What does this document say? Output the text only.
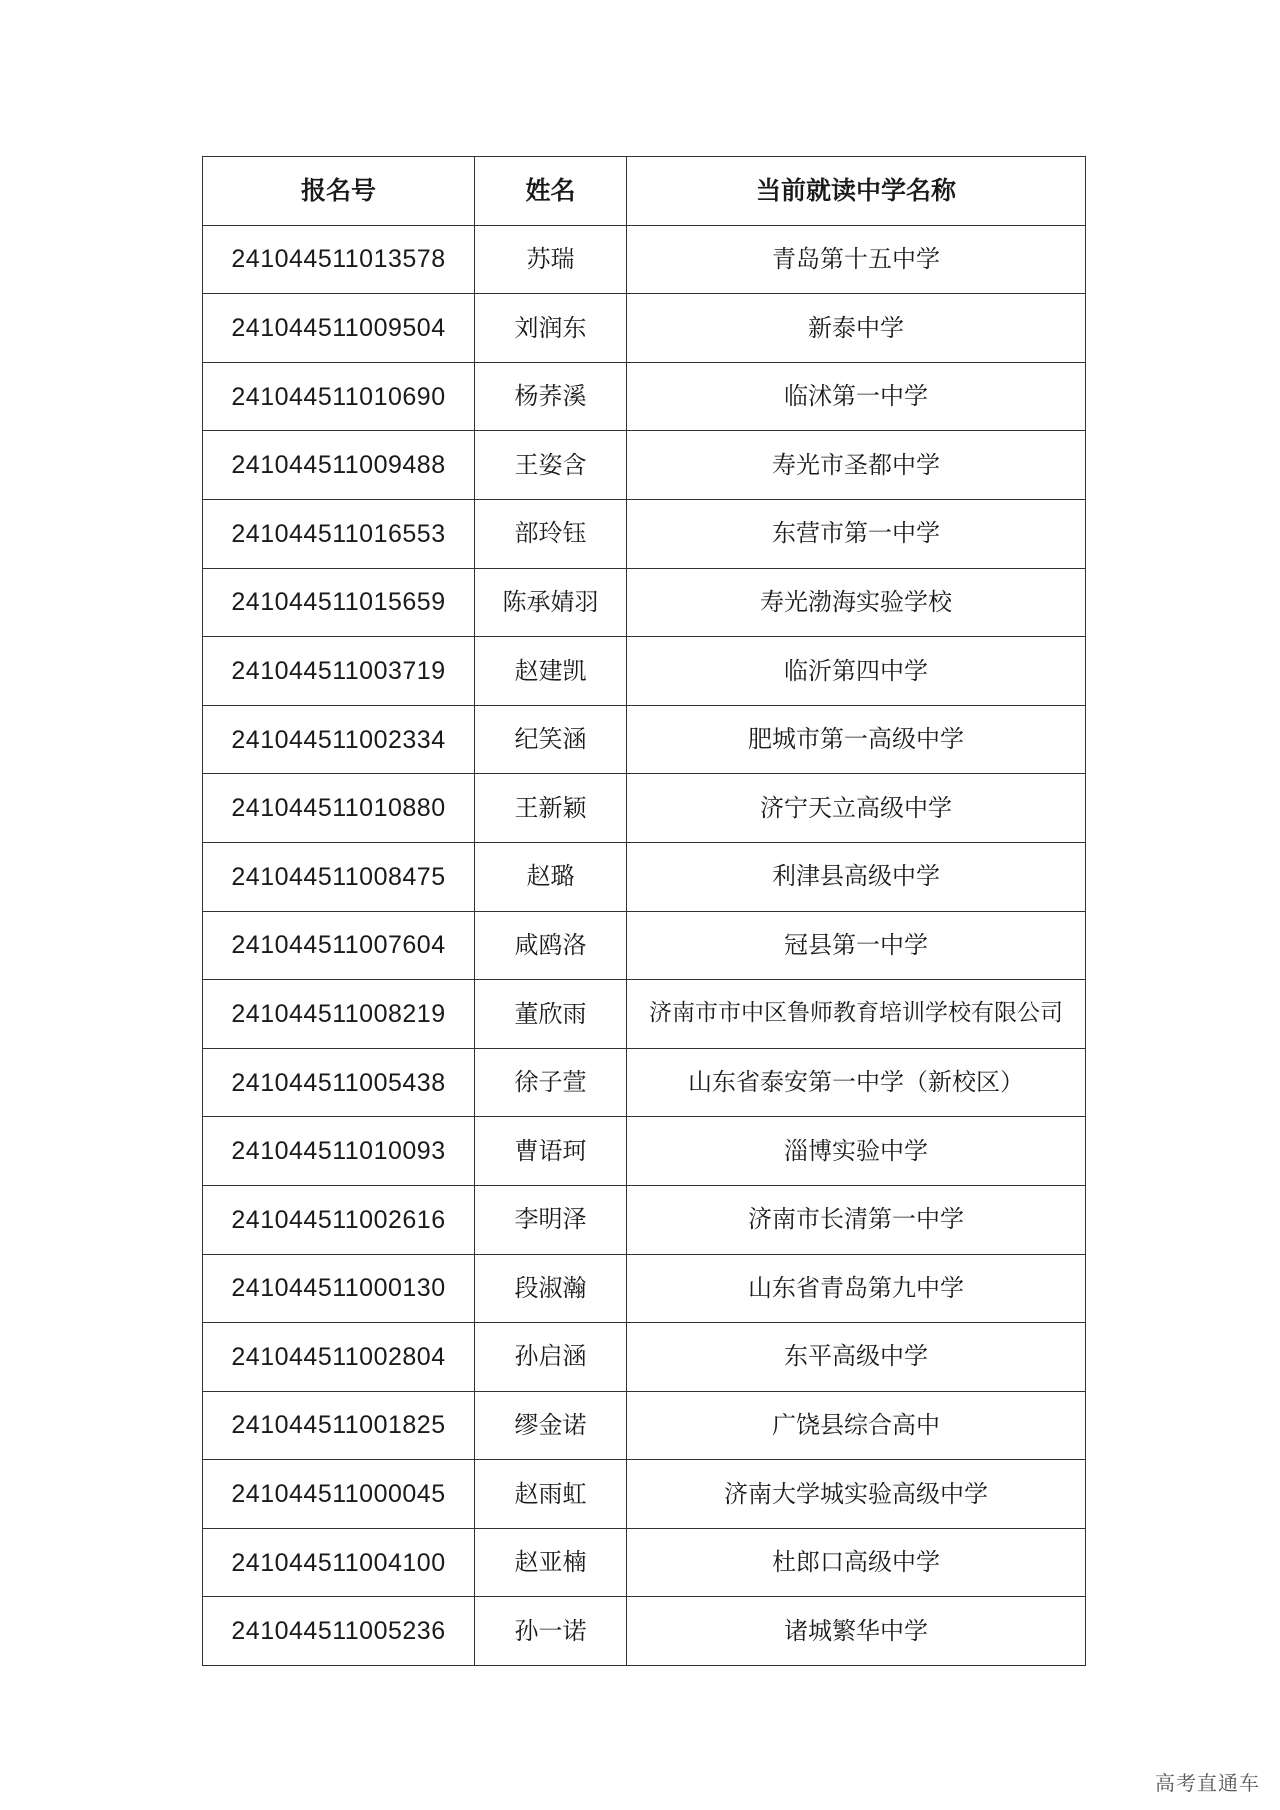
报名号	姓名	当前就读中学名称
241044511013578	苏瑞	青岛第十五中学
241044511009504	刘润东	新泰中学
241044511010690	杨荞溪	临沭第一中学
241044511009488	王姿含	寿光市圣都中学
241044511016553	部玲钰	东营市第一中学
241044511015659	陈承婧羽	寿光渤海实验学校
241044511003719	赵建凯	临沂第四中学
241044511002334	纪笑涵	肥城市第一高级中学
241044511010880	王新颖	济宁天立高级中学
241044511008475	赵璐	利津县高级中学
241044511007604	咸鸥洛	冠县第一中学
241044511008219	董欣雨	济南市市中区鲁师教育培训学校有限公司
241044511005438	徐子萱	山东省泰安第一中学（新校区）
241044511010093	曹语珂	淄博实验中学
241044511002616	李明泽	济南市长清第一中学
241044511000130	段淑瀚	山东省青岛第九中学
241044511002804	孙启涵	东平高级中学
241044511001825	缪金诺	广饶县综合高中
241044511000045	赵雨虹	济南大学城实验高级中学
241044511004100	赵亚楠	杜郎口高级中学
241044511005236	孙一诺	诸城繁华中学
高考直通车
